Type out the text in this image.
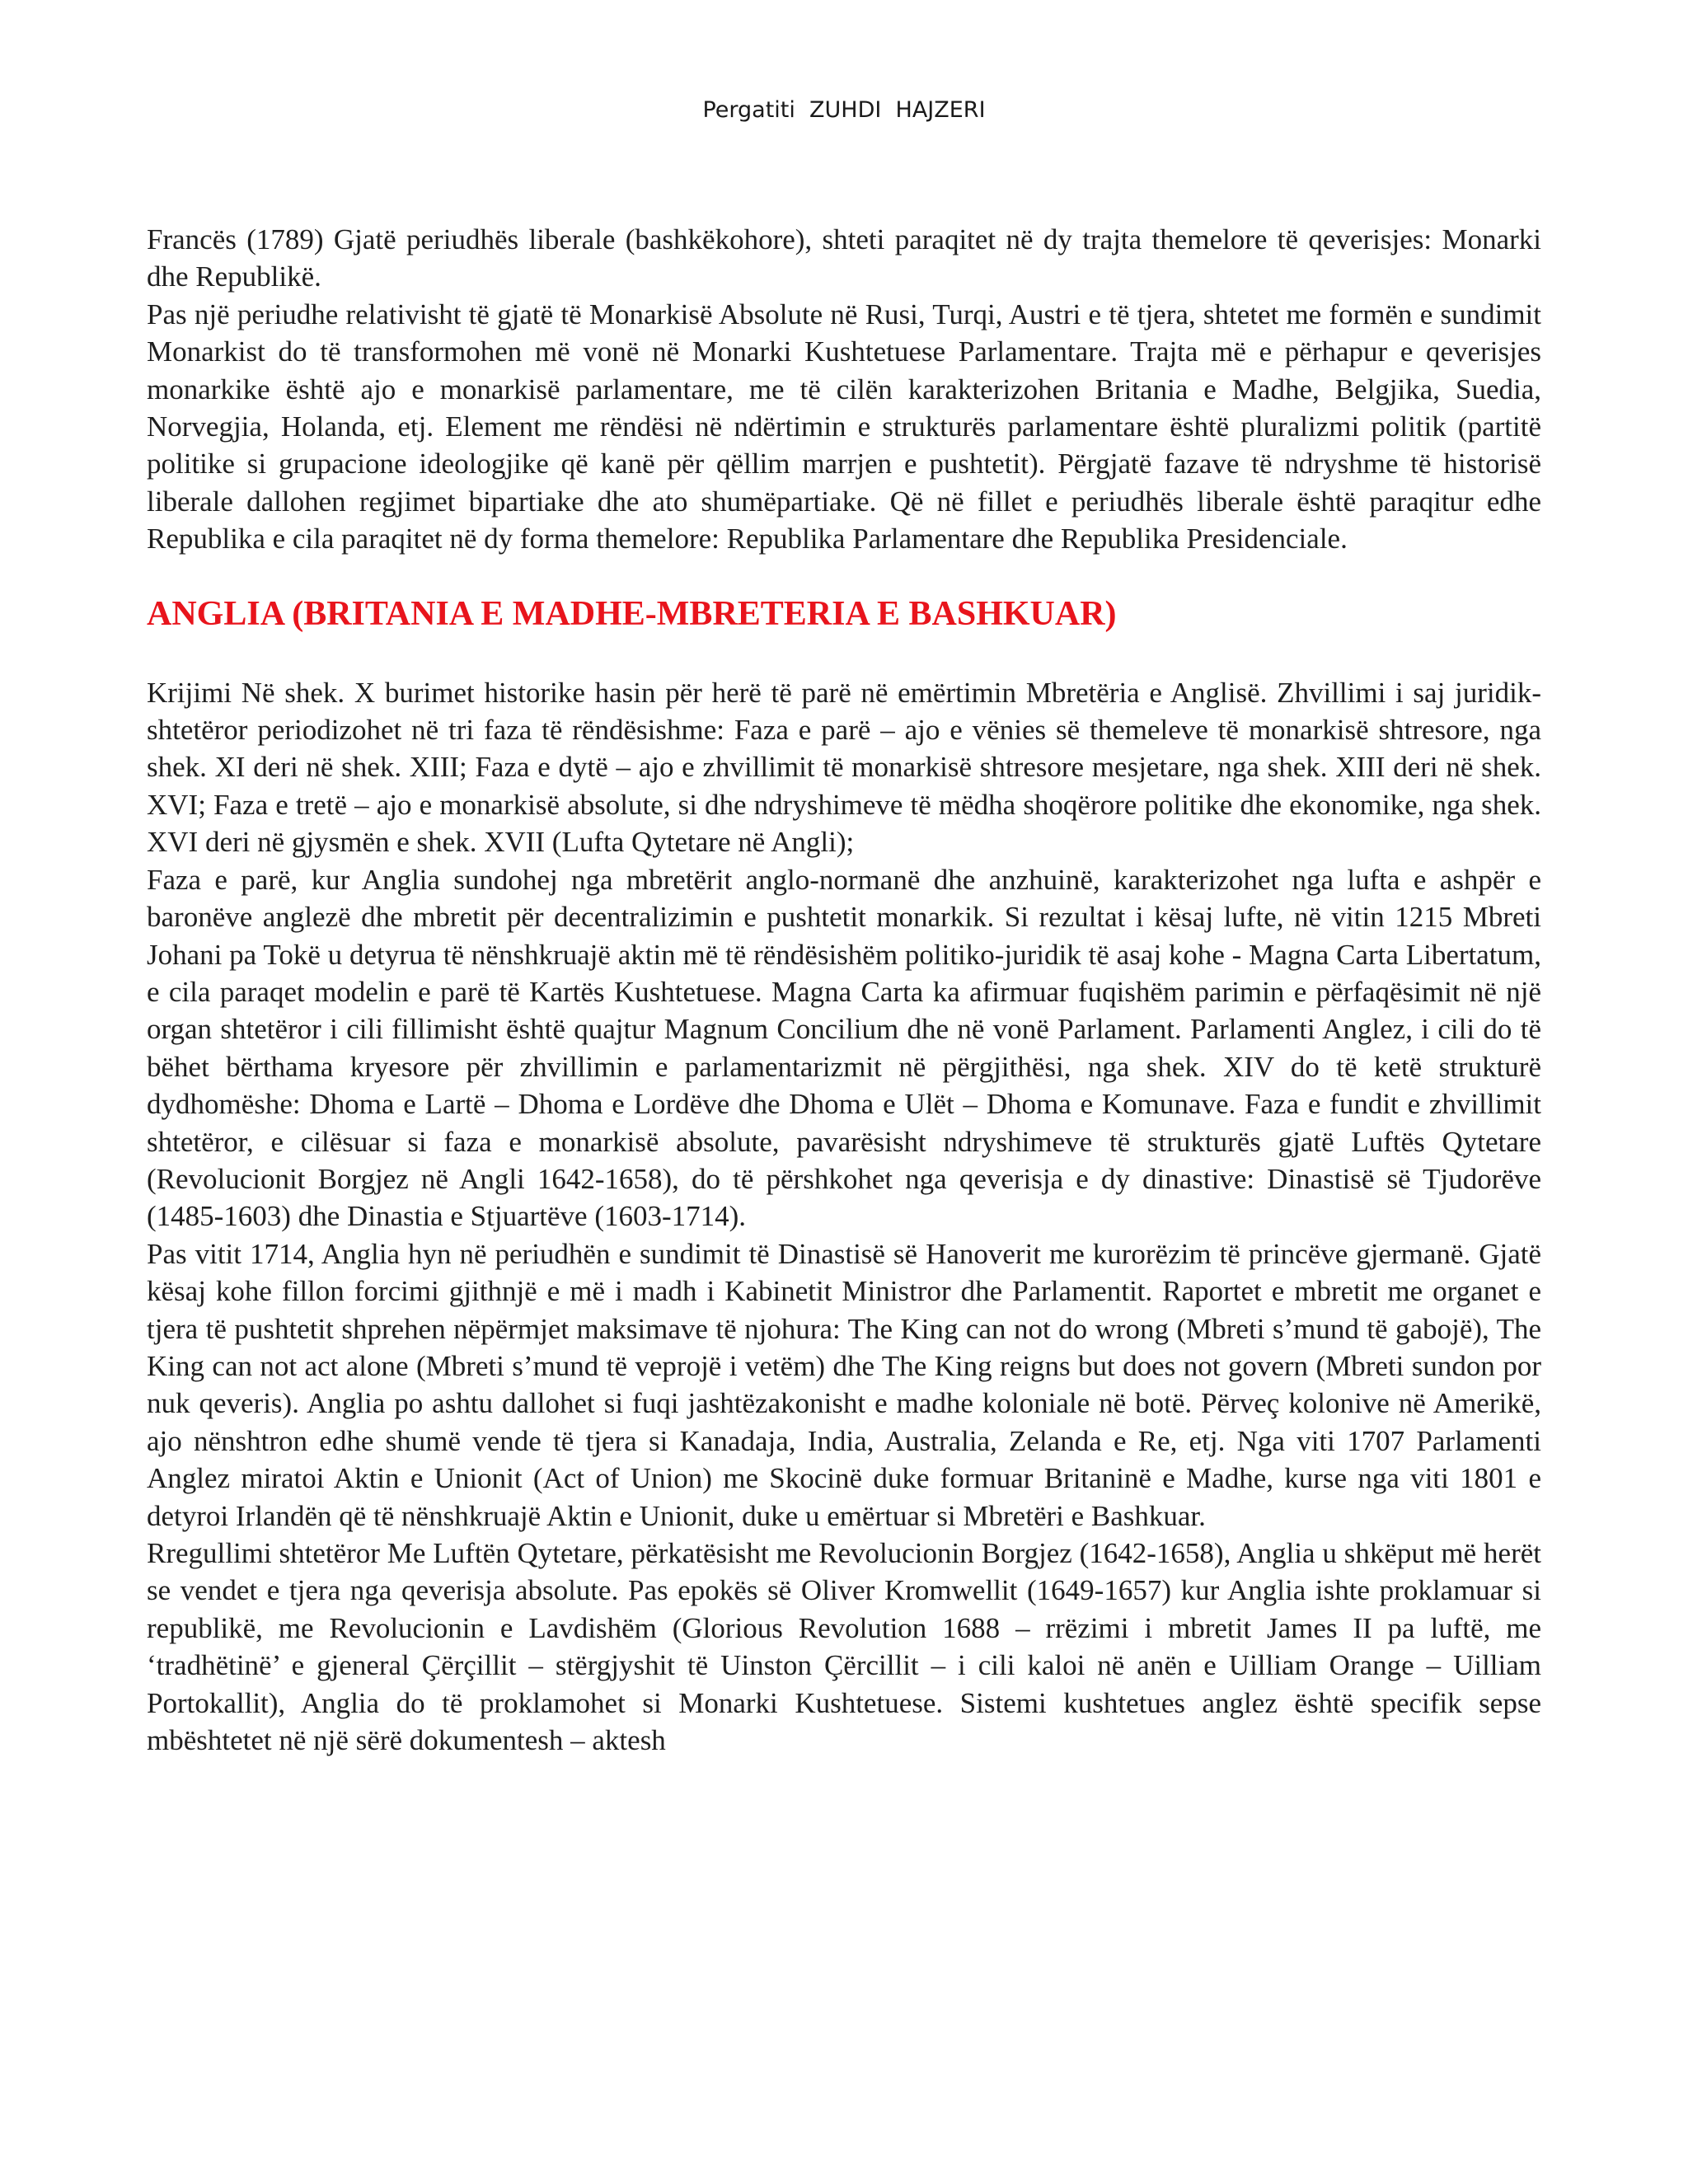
Pergatiti  ZUHDI  HAJZERI

Francës (1789) Gjatë periudhës liberale (bashkëkohore), shteti paraqitet në dy trajta themelore të qeverisjes: Monarki dhe Republikë.

Pas një periudhe relativisht të gjatë të Monarkisë Absolute në Rusi, Turqi, Austri e të tjera, shtetet me formën e sundimit Monarkist do të transformohen më vonë në Monarki Kushtetuese Parlamentare. Trajta më e përhapur e qeverisjes monarkike është ajo e monarkisë parlamentare, me të cilën karakterizohen Britania e Madhe, Belgjika, Suedia, Norvegjia, Holanda, etj. Element me rëndësi në ndërtimin e strukturës parlamentare është pluralizmi politik (partitë politike si grupacione ideologjike që kanë për qëllim marrjen e pushtetit). Përgjatë fazave të ndryshme të historisë liberale dallohen regjimet bipartiake dhe ato shumëpartiake. Që në fillet e periudhës liberale është paraqitur edhe Republika e cila paraqitet në dy forma themelore: Republika Parlamentare dhe Republika Presidenciale.

ANGLIA (BRITANIA E MADHE-MBRETERIA E BASHKUAR)

Krijimi Në shek. X burimet historike hasin për herë të parë në emërtimin Mbretëria e Anglisë. Zhvillimi i saj juridik-shtetëror periodizohet në tri faza të rëndësishme: Faza e parë – ajo e vënies së themeleve të monarkisë shtresore, nga shek. XI deri në shek. XIII; Faza e dytë – ajo e zhvillimit të monarkisë shtresore mesjetare, nga shek. XIII deri në shek. XVI; Faza e tretë – ajo e monarkisë absolute, si dhe ndryshimeve të mëdha shoqërore politike dhe ekonomike, nga shek. XVI deri në gjysmën e shek. XVII (Lufta Qytetare në Angli);

Faza e parë, kur Anglia sundohej nga mbretërit anglo-normanë dhe anzhuinë, karakterizohet nga lufta e ashpër e baronëve anglezë dhe mbretit për decentralizimin e pushtetit monarkik. Si rezultat i kësaj lufte, në vitin 1215 Mbreti Johani pa Tokë u detyrua të nënshkruajë aktin më të rëndësishëm politiko-juridik të asaj kohe - Magna Carta Libertatum, e cila paraqet modelin e parë të Kartës Kushtetuese. Magna Carta ka afirmuar fuqishëm parimin e përfaqësimit në një organ shtetëror i cili fillimisht është quajtur Magnum Concilium dhe në vonë Parlament. Parlamenti Anglez, i cili do të bëhet bërthama kryesore për zhvillimin e parlamentarizmit në përgjithësi, nga shek. XIV do të ketë strukturë dydhomëshe: Dhoma e Lartë – Dhoma e Lordëve dhe Dhoma e Ulët – Dhoma e Komunave. Faza e fundit e zhvillimit shtetëror, e cilësuar si faza e monarkisë absolute, pavarësisht ndryshimeve të strukturës gjatë Luftës Qytetare (Revolucionit Borgjez në Angli 1642-1658), do të përshkohet nga qeverisja e dy dinastive: Dinastisë së Tjudorëve (1485-1603) dhe Dinastia e Stjuartëve (1603-1714).

Pas vitit 1714, Anglia hyn në periudhën e sundimit të Dinastisë së Hanoverit me kurorëzim të princëve gjermanë. Gjatë kësaj kohe fillon forcimi gjithnjë e më i madh i Kabinetit Ministror dhe Parlamentit. Raportet e mbretit me organet e tjera të pushtetit shprehen nëpërmjet maksimave të njohura: The King can not do wrong (Mbreti s’mund të gabojë), The King can not act alone (Mbreti s’mund të veprojë i vetëm) dhe The King reigns but does not govern (Mbreti sundon por nuk qeveris). Anglia po ashtu dallohet si fuqi jashtëzakonisht e madhe koloniale në botë. Përveç kolonive në Amerikë, ajo nënshtron edhe shumë vende të tjera si Kanadaja, India, Australia, Zelanda e Re, etj. Nga viti 1707 Parlamenti Anglez miratoi Aktin e Unionit (Act of Union) me Skocinë duke formuar Britaninë e Madhe, kurse nga viti 1801 e detyroi Irlandën që të nënshkruajë Aktin e Unionit, duke u emërtuar si Mbretëri e Bashkuar.

Rregullimi shtetëror Me Luftën Qytetare, përkatësisht me Revolucionin Borgjez (1642-1658), Anglia u shkëput më herët se vendet e tjera nga qeverisja absolute. Pas epokës së Oliver Kromwellit (1649-1657) kur Anglia ishte proklamuar si republikë, me Revolucionin e Lavdishëm (Glorious Revolution 1688 – rrëzimi i mbretit James II pa luftë, me ‘tradhëtinë’ e gjeneral Çërçillit – stërgjyshit të Uinston Çërcillit – i cili kaloi në anën e Uilliam Orange – Uilliam Portokallit), Anglia do të proklamohet si Monarki Kushtetuese. Sistemi kushtetues anglez është specifik sepse mbështetet në një sërë dokumentesh – aktesh
